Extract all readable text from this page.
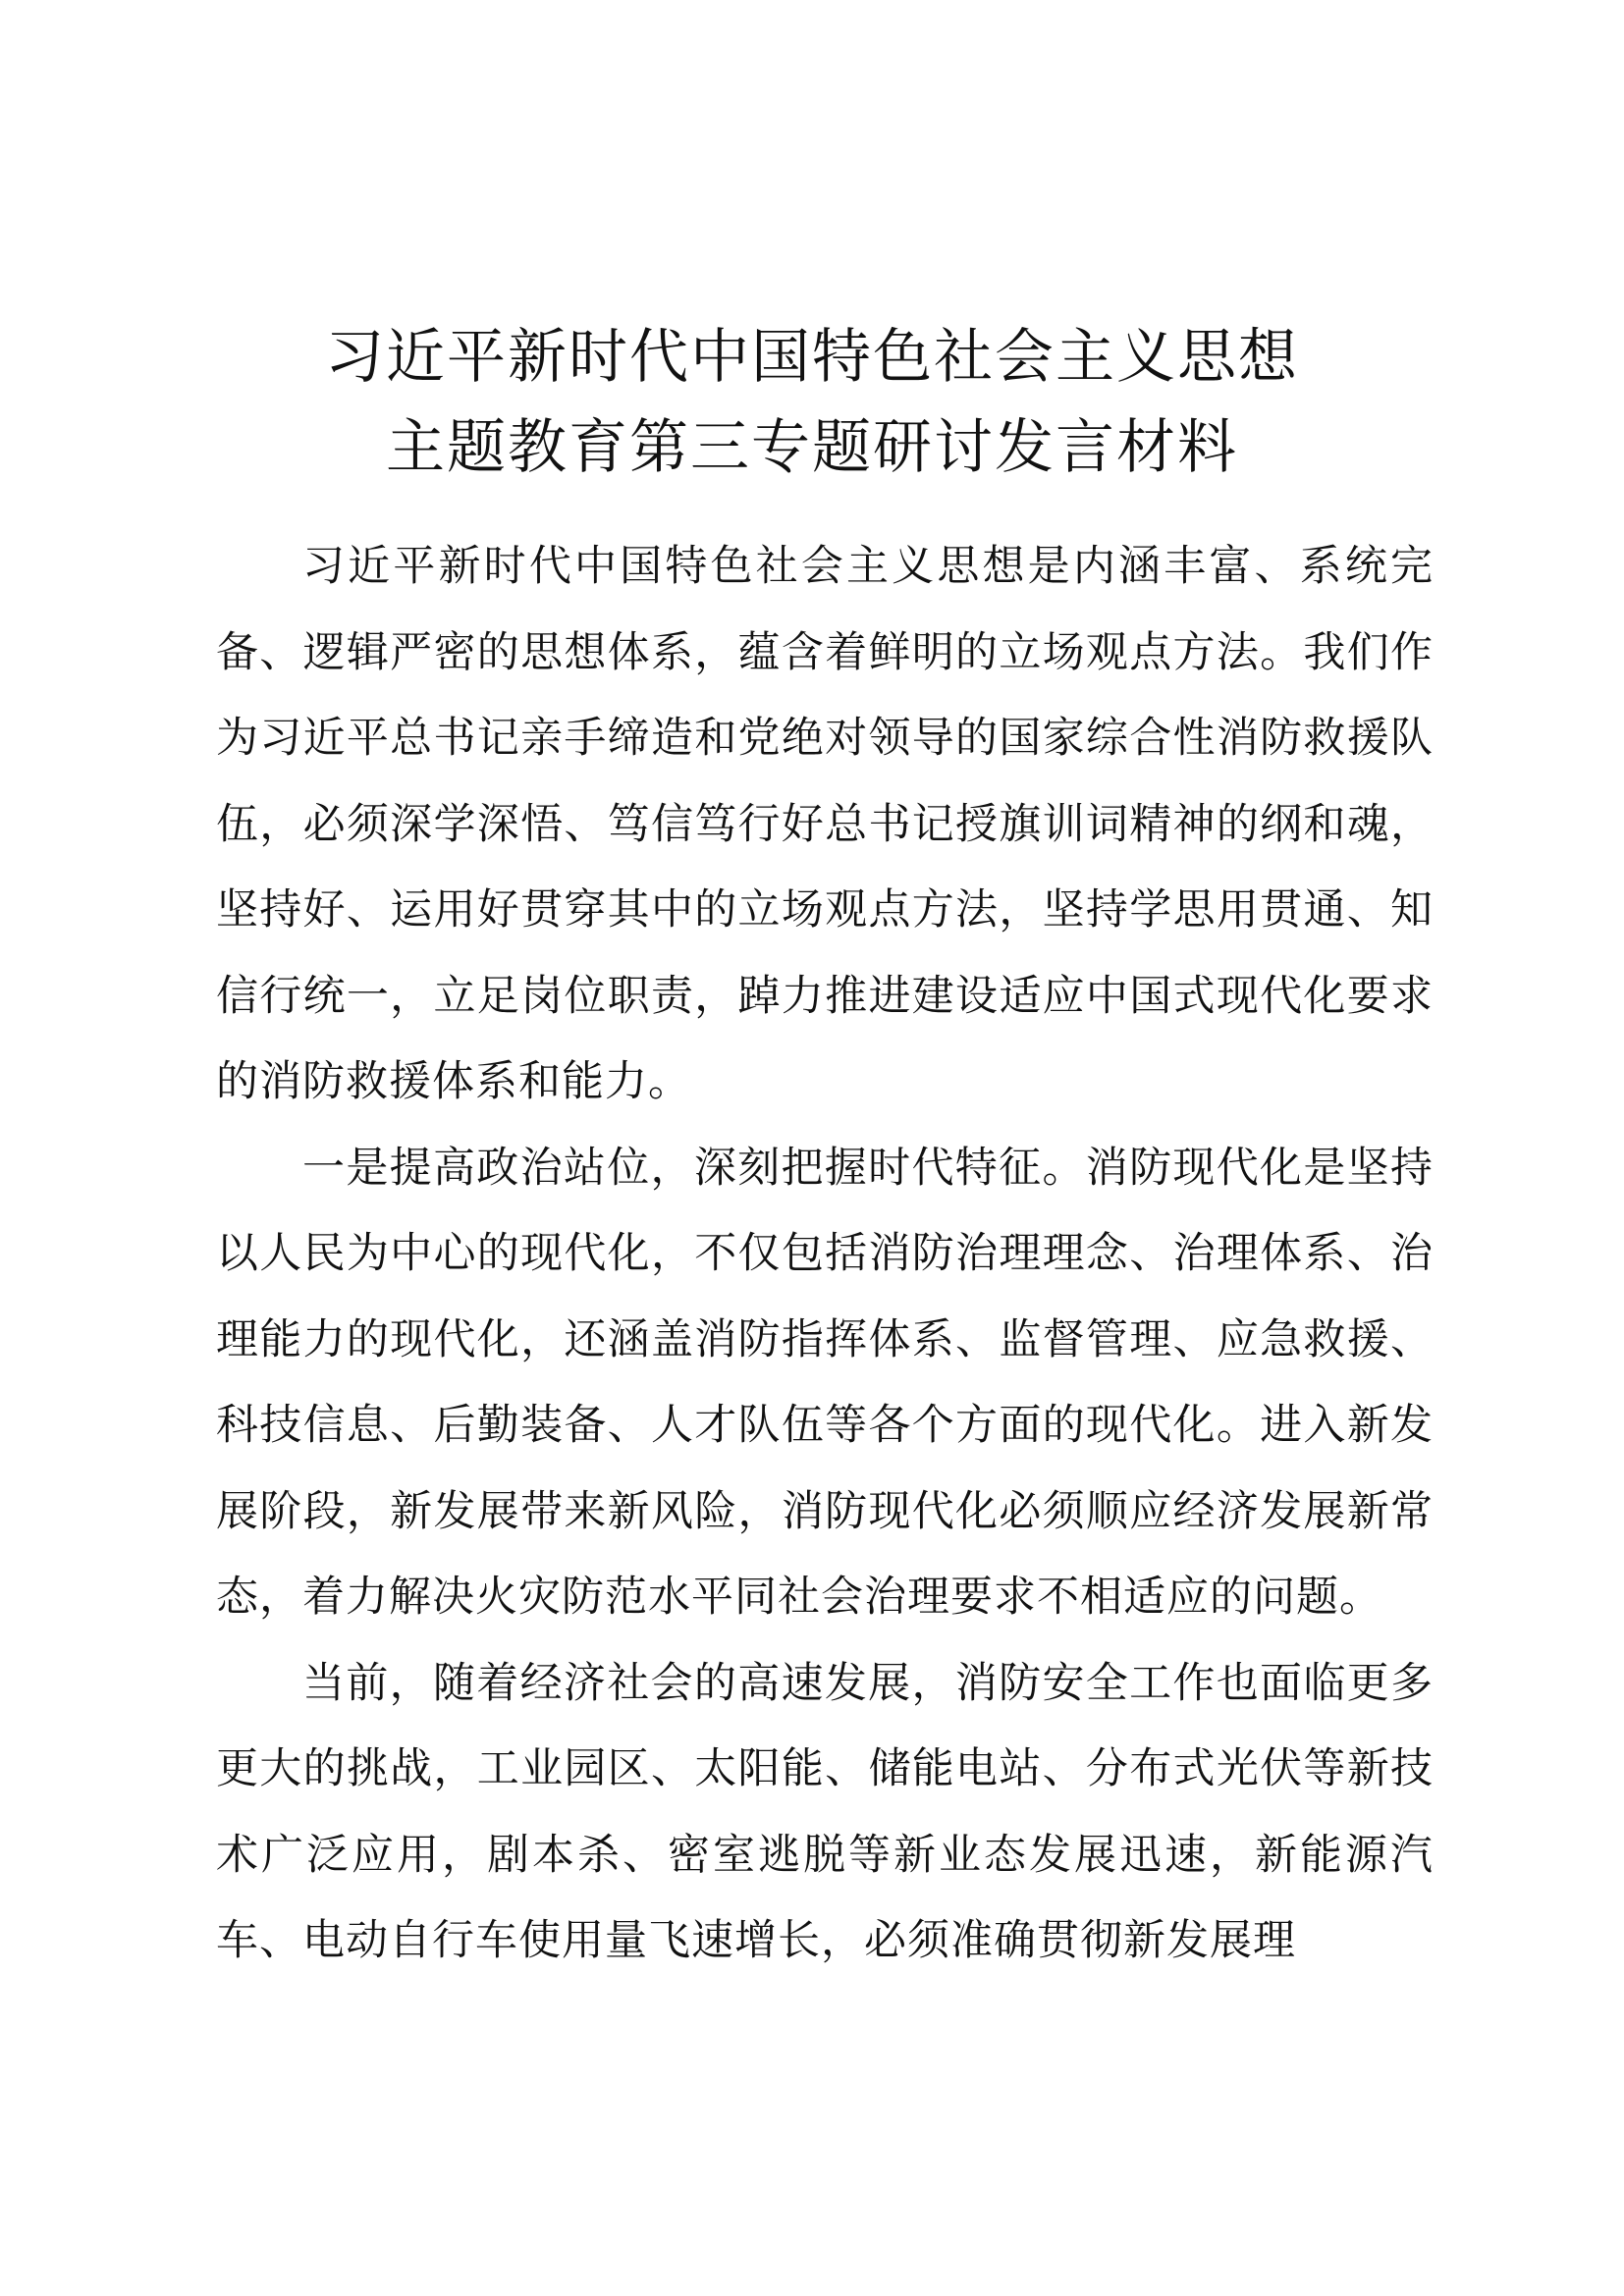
习近平新时代中国特色社会主义思想
主题教育第三专题研讨发言材料

习近平新时代中国特色社会主义思想是内涵丰富、系统完备、逻辑严密的思想体系，蕴含着鲜明的立场观点方法。我们作为习近平总书记亲手缔造和党绝对领导的国家综合性消防救援队伍，必须深学深悟、笃信笃行好总书记授旗训词精神的纲和魂，坚持好、运用好贯穿其中的立场观点方法，坚持学思用贯通、知信行统一，立足岗位职责，踔力推进建设适应中国式现代化要求的消防救援体系和能力。

一是提高政治站位，深刻把握时代特征。消防现代化是坚持以人民为中心的现代化，不仅包括消防治理理念、治理体系、治理能力的现代化，还涵盖消防指挥体系、监督管理、应急救援、科技信息、后勤装备、人才队伍等各个方面的现代化。进入新发展阶段，新发展带来新风险，消防现代化必须顺应经济发展新常态，着力解决火灾防范水平同社会治理要求不相适应的问题。

当前，随着经济社会的高速发展，消防安全工作也面临更多更大的挑战，工业园区、太阳能、储能电站、分布式光伏等新技术广泛应用，剧本杀、密室逃脱等新业态发展迅速，新能源汽车、电动自行车使用量飞速增长，必须准确贯彻新发展理
